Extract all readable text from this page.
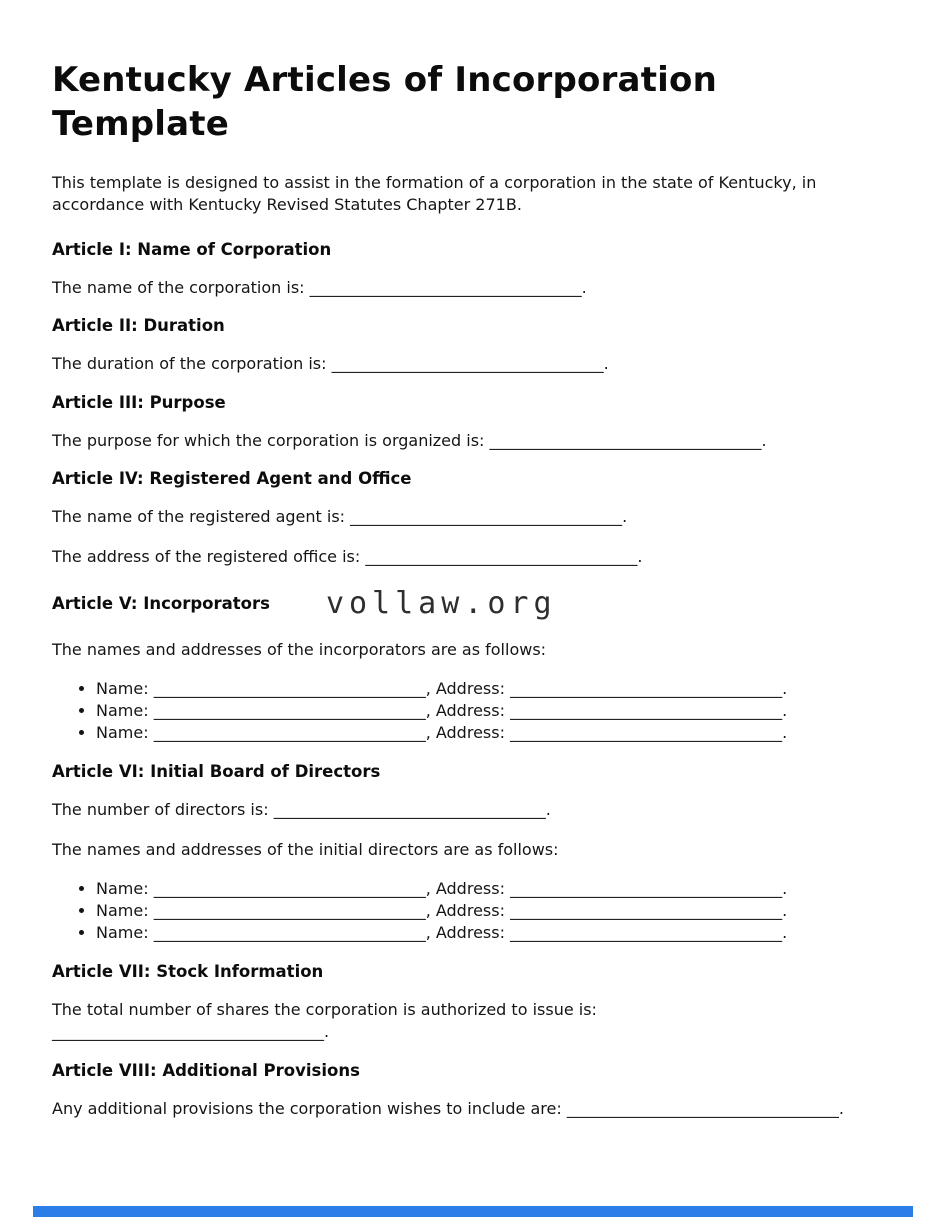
Kentucky Articles of Incorporation Template

This template is designed to assist in the formation of a corporation in the state of Kentucky, in accordance with Kentucky Revised Statutes Chapter 271B.

Article I: Name of Corporation

The name of the corporation is: __________________________________.

Article II: Duration

The duration of the corporation is: __________________________________.

Article III: Purpose

The purpose for which the corporation is organized is: __________________________________.

Article IV: Registered Agent and Office

The name of the registered agent is: __________________________________.

The address of the registered office is: __________________________________.

Article V: Incorporators vollaw.org

The names and addresses of the incorporators are as follows:

• Name: __________________________________, Address: __________________________________.
• Name: __________________________________, Address: __________________________________.
• Name: __________________________________, Address: __________________________________.
Article VI: Initial Board of Directors

The number of directors is: __________________________________.

The names and addresses of the initial directors are as follows:

• Name: __________________________________, Address: __________________________________.
• Name: __________________________________, Address: __________________________________.
• Name: __________________________________, Address: __________________________________.
Article VII: Stock Information

The total number of shares the corporation is authorized to issue is: __________________________________.

Article VIII: Additional Provisions

Any additional provisions the corporation wishes to include are: __________________________________.
